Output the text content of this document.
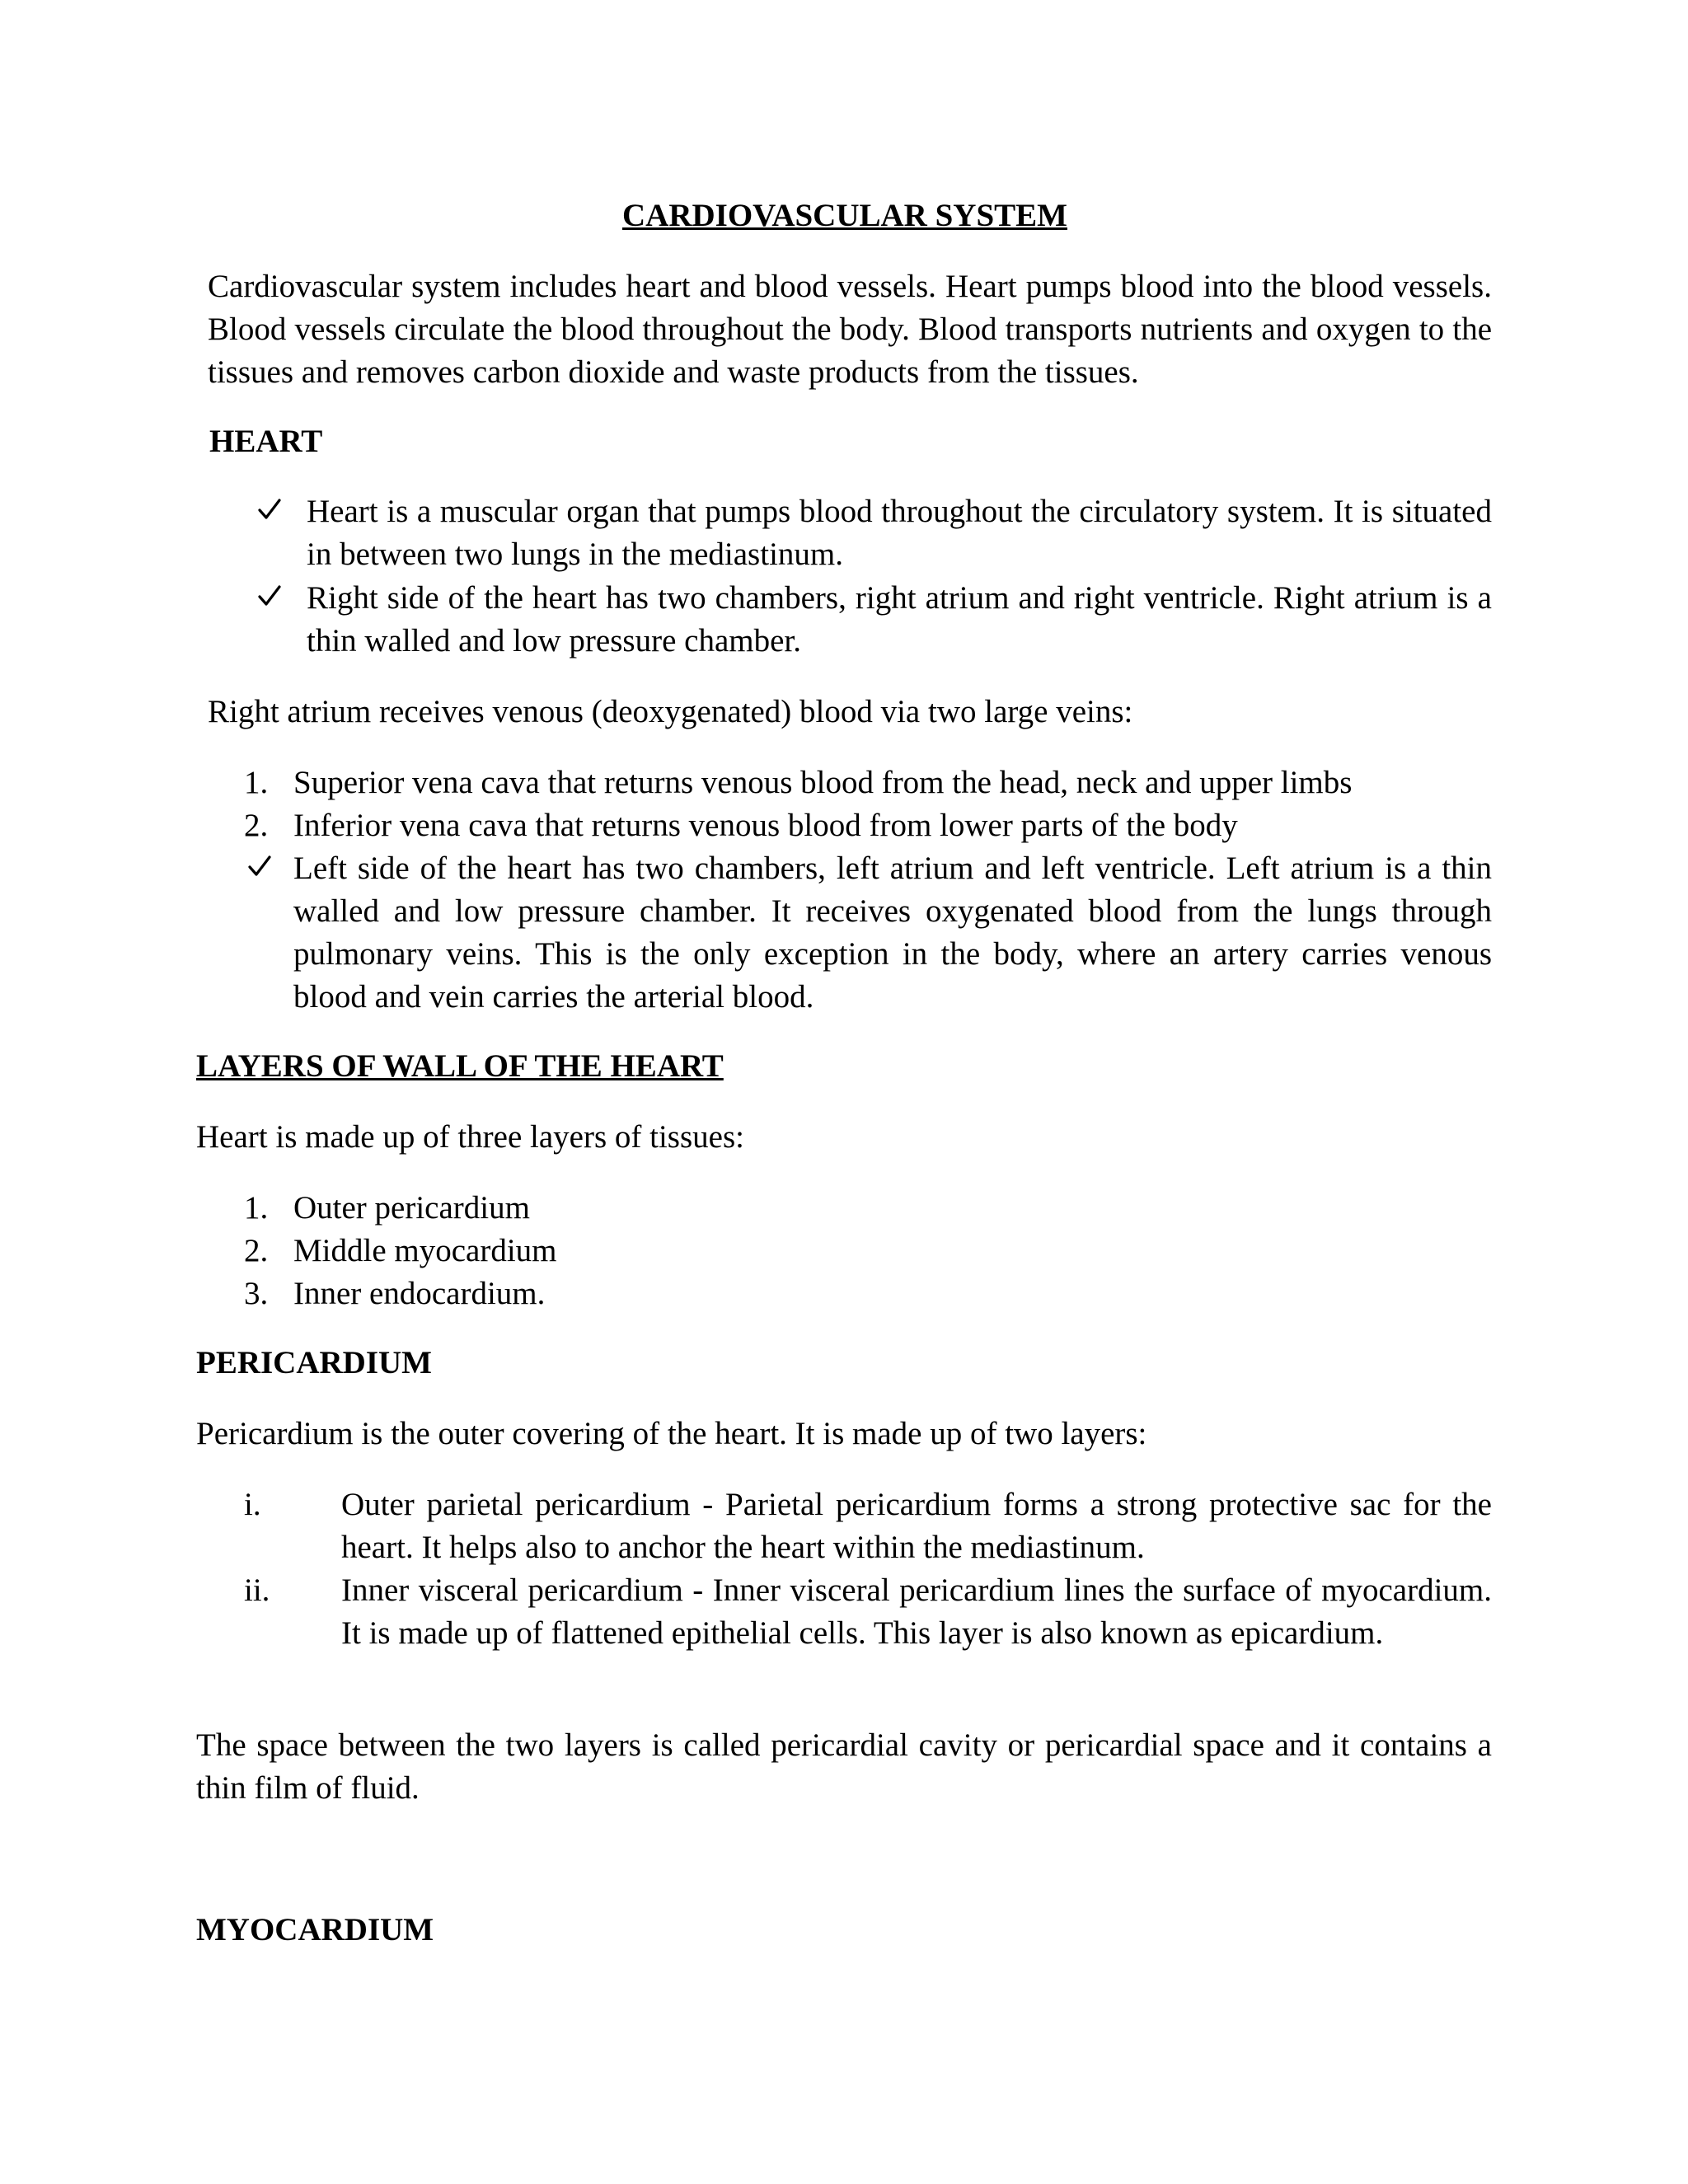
CARDIOVASCULAR SYSTEM

Cardiovascular system includes heart and blood vessels. Heart pumps blood into the blood vessels. Blood vessels circulate the blood throughout the body. Blood transports nutrients and oxygen to the tissues and removes carbon dioxide and waste products from the tissues.

HEART
Heart is a muscular organ that pumps blood throughout the circulatory system. It is situated in between two lungs in the mediastinum.
Right side of the heart has two chambers, right atrium and right ventricle. Right atrium is a thin walled and low pressure chamber.

Right atrium receives venous (deoxygenated) blood via two large veins:

1. Superior vena cava that returns venous blood from the head, neck and upper limbs
2. Inferior vena cava that returns venous blood from lower parts of the body
Left side of the heart has two chambers, left atrium and left ventricle. Left atrium is a thin walled and low pressure chamber. It receives oxygenated blood from the lungs through pulmonary veins. This is the only exception in the body, where an artery carries venous blood and vein carries the arterial blood.
LAYERS OF WALL OF THE HEART

Heart is made up of three layers of tissues:

1. Outer pericardium
2. Middle myocardium
3. Inner endocardium.
PERICARDIUM

Pericardium is the outer covering of the heart. It is made up of two layers:

i. Outer parietal pericardium - Parietal pericardium forms a strong protective sac for the heart. It helps also to anchor the heart within the mediastinum.
ii. Inner visceral pericardium - Inner visceral pericardium lines the surface of myocardium. It is made up of flattened epithelial cells. This layer is also known as epicardium.

The space between the two layers is called pericardial cavity or pericardial space and it contains a thin film of fluid.

MYOCARDIUM
